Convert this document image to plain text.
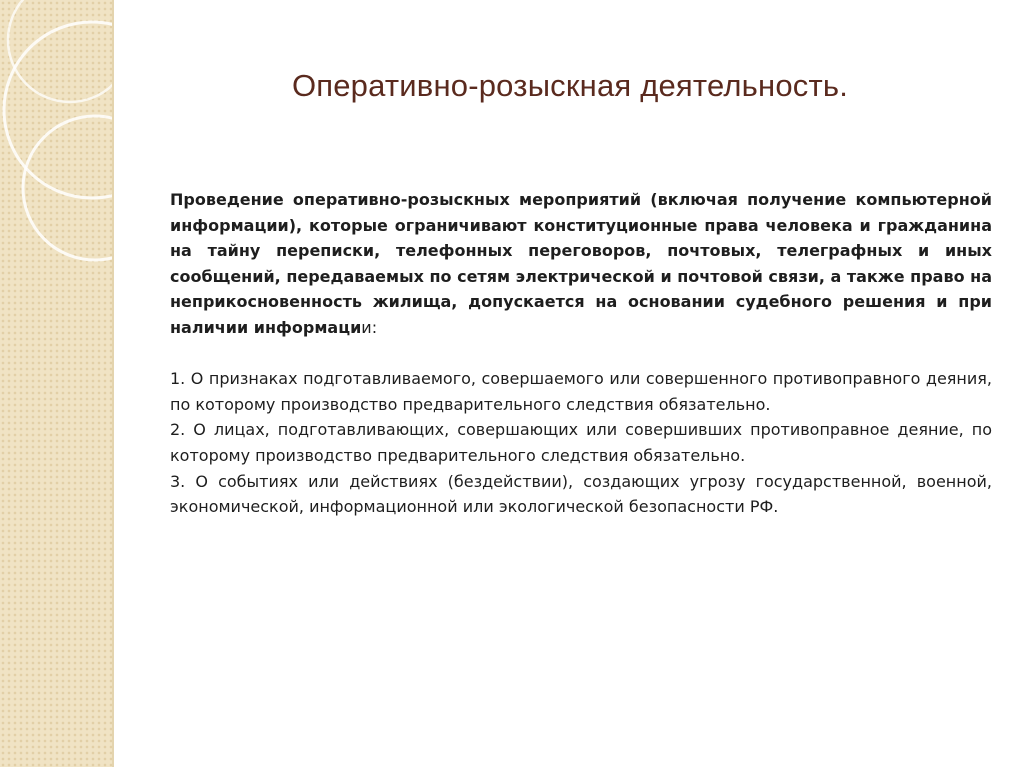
Оперативно-розыскная деятельность.

Проведение оперативно-розыскных мероприятий (включая получение компьютерной информации), которые ограничивают конституционные права человека и гражданина на тайну переписки, телефонных переговоров, почтовых, телеграфных и иных сообщений, передаваемых по сетям электрической и почтовой связи, а также право на неприкосновенность жилища, допускается на основании судебного решения и при наличии информации:

1. О признаках подготавливаемого, совершаемого или совершенного противоправного деяния, по которому производство предварительного следствия обязательно.

2. О лицах, подготавливающих, совершающих или совершивших противоправное деяние, по которому производство предварительного следствия обязательно.

3. О событиях или действиях (бездействии), создающих угрозу государственной, военной, экономической, информационной или экологической безопасности РФ.
